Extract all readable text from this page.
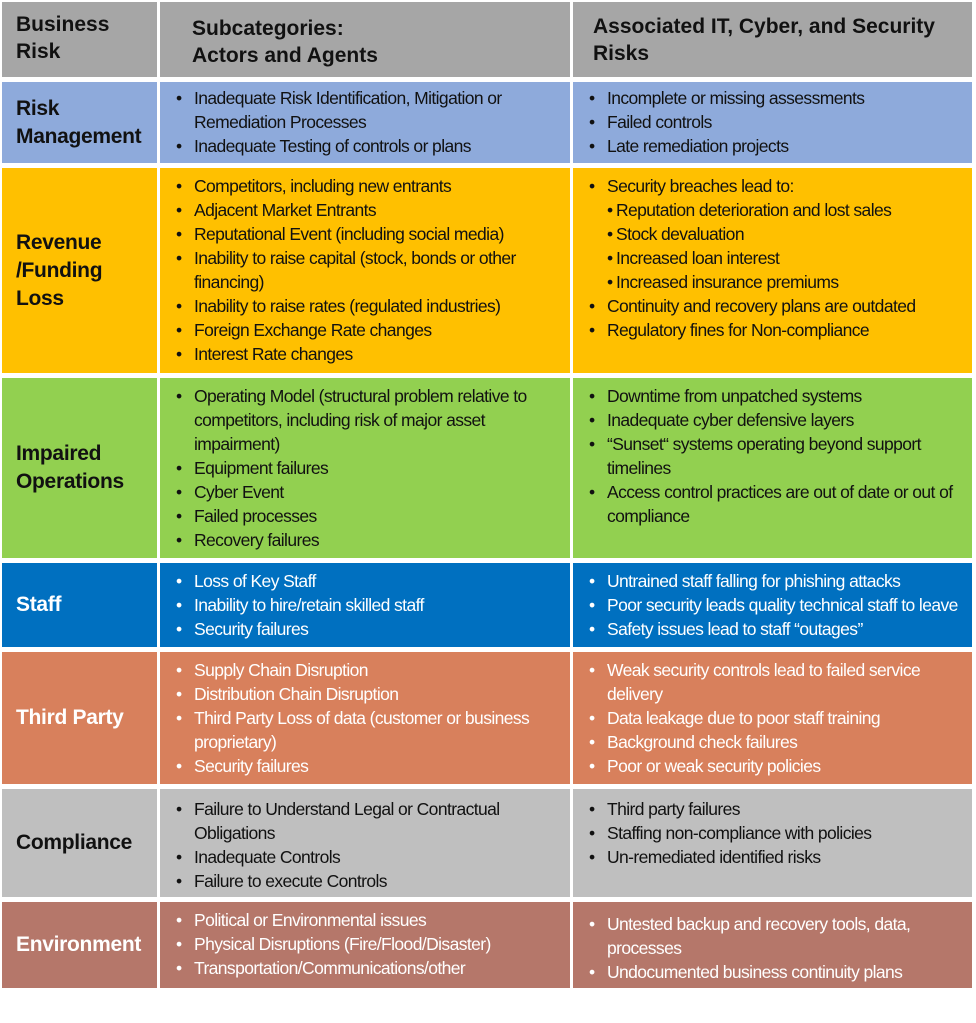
Business
Risk
Subcategories:
Actors and Agents
Associated IT, Cyber, and Security Risks
Risk
Management
• Inadequate Risk Identification, Mitigation or Remediation Processes
• Inadequate Testing of controls or plans
• Incomplete or missing assessments
• Failed controls
• Late remediation projects
Revenue
/Funding
Loss
• Competitors, including new entrants
• Adjacent Market Entrants
• Reputational Event (including social media)
• Inability to raise capital (stock, bonds or other financing)
• Inability to raise rates (regulated industries)
• Foreign Exchange Rate changes
• Interest Rate changes
• Security breaches lead to:
• Reputation deterioration and lost sales
• Stock devaluation
• Increased loan interest
• Increased insurance premiums
• Continuity and recovery plans are outdated
• Regulatory fines for Non-compliance
Impaired
Operations
• Operating Model (structural problem relative to competitors, including risk of major asset impairment)
• Equipment failures
• Cyber Event
• Failed processes
• Recovery failures
• Downtime from unpatched systems
• Inadequate cyber defensive layers
• “Sunset“ systems operating beyond support timelines
• Access control practices are out of date or out of compliance
Staff
• Loss of Key Staff
• Inability to hire/retain skilled staff
• Security failures
• Untrained staff falling for phishing attacks
• Poor security leads quality technical staff to leave
• Safety issues lead to staff “outages”
Third Party
• Supply Chain Disruption
• Distribution Chain Disruption
• Third Party Loss of data (customer or business proprietary)
• Security failures
• Weak security controls lead to failed service delivery
• Data leakage due to poor staff training
• Background check failures
• Poor or weak security policies
Compliance
• Failure to Understand Legal or Contractual Obligations
• Inadequate Controls
• Failure to execute Controls
• Third party failures
• Staffing non-compliance with policies
• Un-remediated identified risks
Environment
• Political or Environmental issues
• Physical Disruptions (Fire/Flood/Disaster)
• Transportation/Communications/other
• Untested backup and recovery tools, data, processes
• Undocumented business continuity plans
